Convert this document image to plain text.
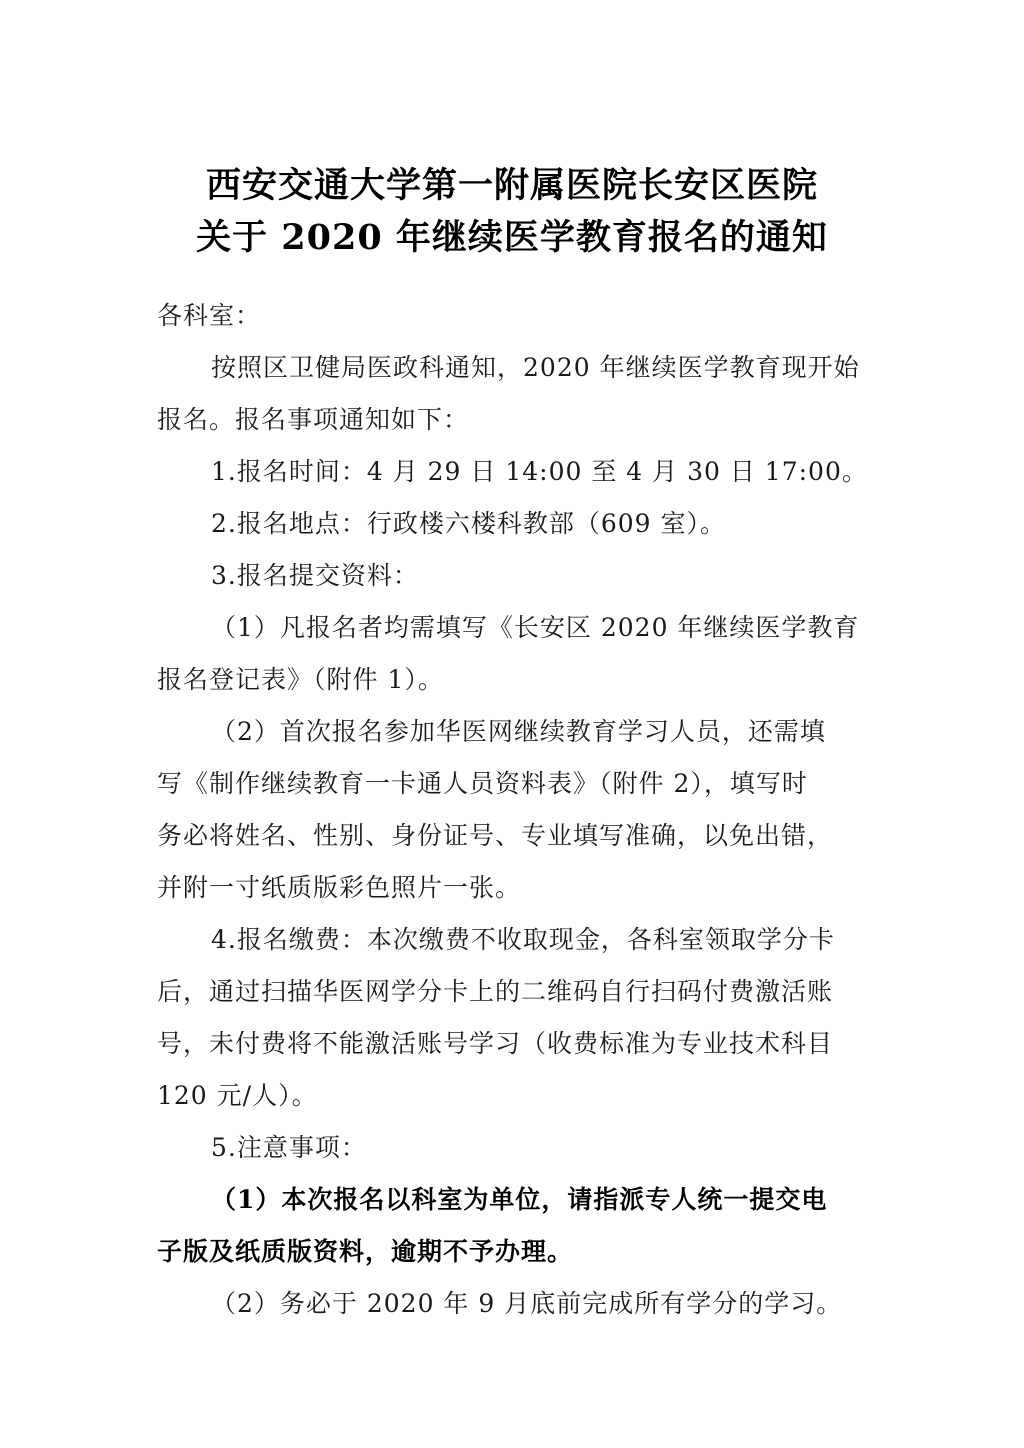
西安交通大学第一附属医院长安区医院
关于 2020 年继续医学教育报名的通知
各科室：
按照区卫健局医政科通知，2020 年继续医学教育现开始
报名。报名事项通知如下：
1.报名时间：4 月 29 日 14:00 至 4 月 30 日 17:00。
2.报名地点：行政楼六楼科教部（609 室）。
3.报名提交资料：
（1）凡报名者均需填写《长安区 2020 年继续医学教育
报名登记表》（附件 1）。
（2）首次报名参加华医网继续教育学习人员，还需填
写《制作继续教育一卡通人员资料表》（附件 2），填写时
务必将姓名、性别、身份证号、专业填写准确，以免出错，
并附一寸纸质版彩色照片一张。
4.报名缴费：本次缴费不收取现金，各科室领取学分卡
后，通过扫描华医网学分卡上的二维码自行扫码付费激活账
号，未付费将不能激活账号学习（收费标准为专业技术科目
120 元/人）。
5.注意事项：
（1）本次报名以科室为单位，请指派专人统一提交电
子版及纸质版资料，逾期不予办理。
（2）务必于 2020 年 9 月底前完成所有学分的学习。
